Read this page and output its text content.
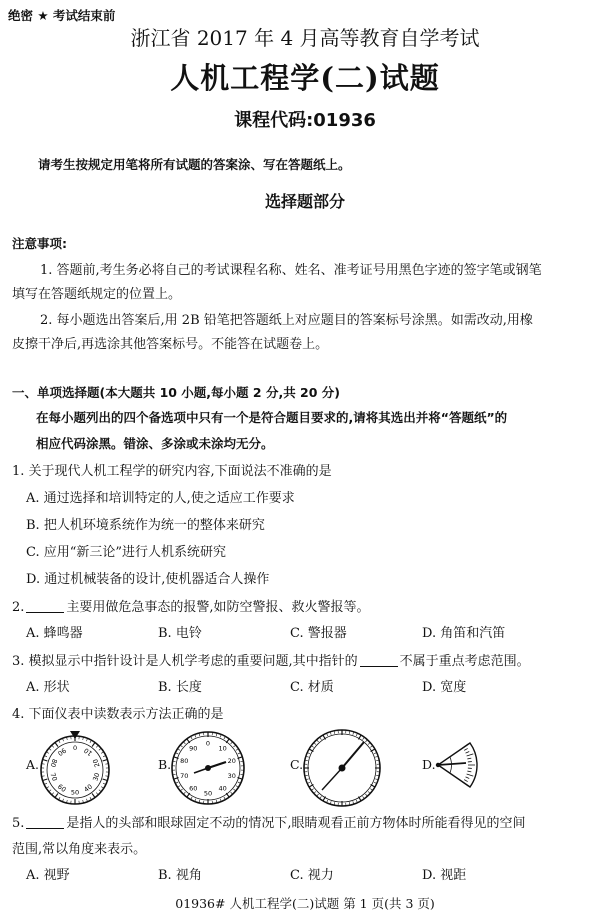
绝密 ★ 考试结束前
浙江省 2017 年 4 月高等教育自学考试
人机工程学(二)试题
课程代码:01936
请考生按规定用笔将所有试题的答案涂、写在答题纸上。
选择题部分
注意事项:
1. 答题前,考生务必将自己的考试课程名称、姓名、准考证号用黑色字迹的签字笔或钢笔
填写在答题纸规定的位置上。
2. 每小题选出答案后,用 2B 铅笔把答题纸上对应题目的答案标号涂黑。如需改动,用橡
皮擦干净后,再选涂其他答案标号。不能答在试题卷上。
一、单项选择题(本大题共 10 小题,每小题 2 分,共 20 分)
在每小题列出的四个备选项中只有一个是符合题目要求的,请将其选出并将“答题纸”的
相应代码涂黑。错涂、多涂或未涂均无分。
1. 关于现代人机工程学的研究内容,下面说法不准确的是
A. 通过选择和培训特定的人,使之适应工作要求
B. 把人机环境系统作为统一的整体来研究
C. 应用“新三论”进行人机系统研究
D. 通过机械装备的设计,使机器适合人操作
2.	主要用做危急事态的报警,如防空警报、救火警报等。
A. 蜂鸣器	B. 电铃	C. 警报器	D. 角笛和汽笛
3. 模拟显示中指针设计是人机学考虑的重要问题,其中指针的	不属于重点考虑范围。
A. 形状	B. 长度	C. 材质	D. 宽度
4. 下面仪表中读数表示方法正确的是
A.	B.	C.	D.
0 10
20
30
40
50
60
70
80
90
0
10
20
30
40
50
60
70
80
90
5.	是指人的头部和眼球固定不动的情况下,眼睛观看正前方物体时所能看得见的空间
范围,常以角度来表示。
A. 视野	B. 视角	C. 视力	D. 视距
01936# 人机工程学(二)试题 第 1 页(共 3 页)
